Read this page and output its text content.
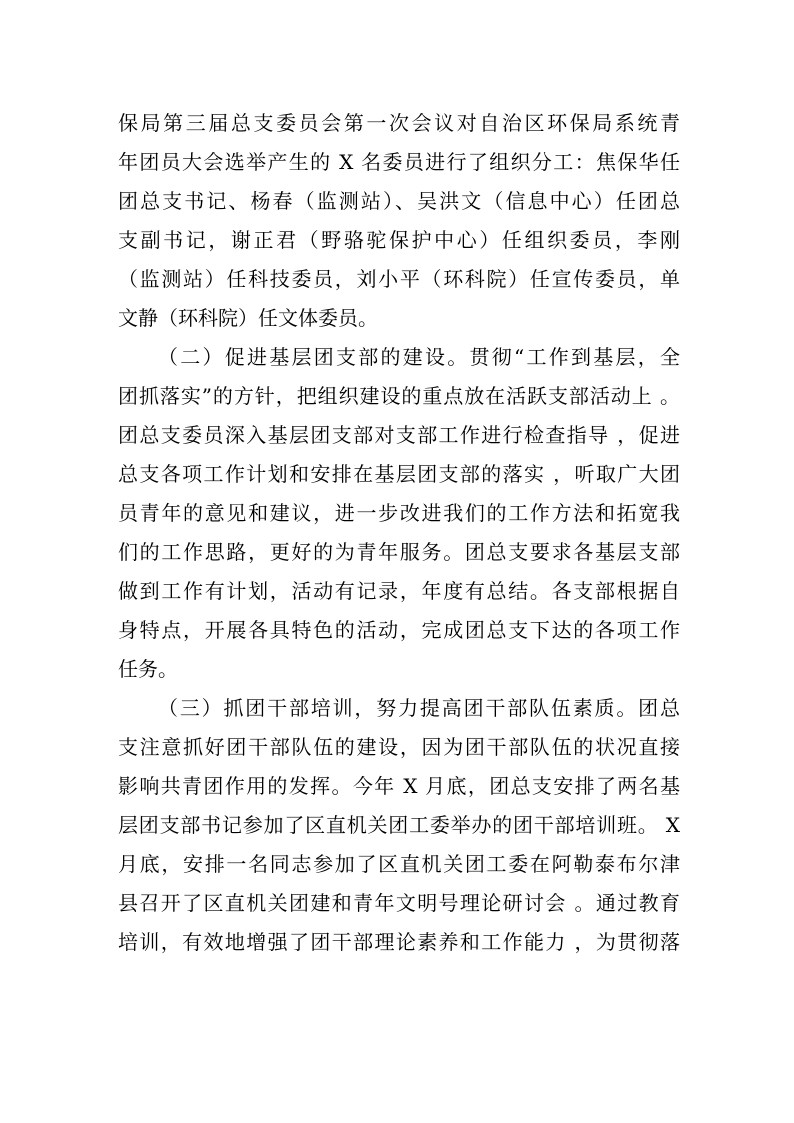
保局第三届总支委员会第一次会议对自治区环保局系统青
年团员大会选举产生的 X 名委员进行了组织分工：焦保华任
团总支书记、杨春（监测站）、吴洪文（信息中心）任团总
支副书记，谢正君（野骆驼保护中心）任组织委员，李刚
（监测站）任科技委员，刘小平（环科院）任宣传委员，单
文静（环科院）任文体委员。
（二）促进基层团支部的建设。贯彻“工作到基层，全
团抓落实”的方针，把组织建设的重点放在活跃支部活动上 。
团总支委员深入基层团支部对支部工作进行检查指导 ，促进
总支各项工作计划和安排在基层团支部的落实 ，听取广大团
员青年的意见和建议，进一步改进我们的工作方法和拓宽我
们的工作思路，更好的为青年服务。团总支要求各基层支部
做到工作有计划，活动有记录，年度有总结。各支部根据自
身特点，开展各具特色的活动，完成团总支下达的各项工作
任务。
（三）抓团干部培训，努力提高团干部队伍素质。团总
支注意抓好团干部队伍的建设，因为团干部队伍的状况直接
影响共青团作用的发挥。今年 X 月底，团总支安排了两名基
层团支部书记参加了区直机关团工委举办的团干部培训班。 X
月底，安排一名同志参加了区直机关团工委在阿勒泰布尔津
县召开了区直机关团建和青年文明号理论研讨会 。通过教育
培训，有效地增强了团干部理论素养和工作能力 ，为贯彻落
